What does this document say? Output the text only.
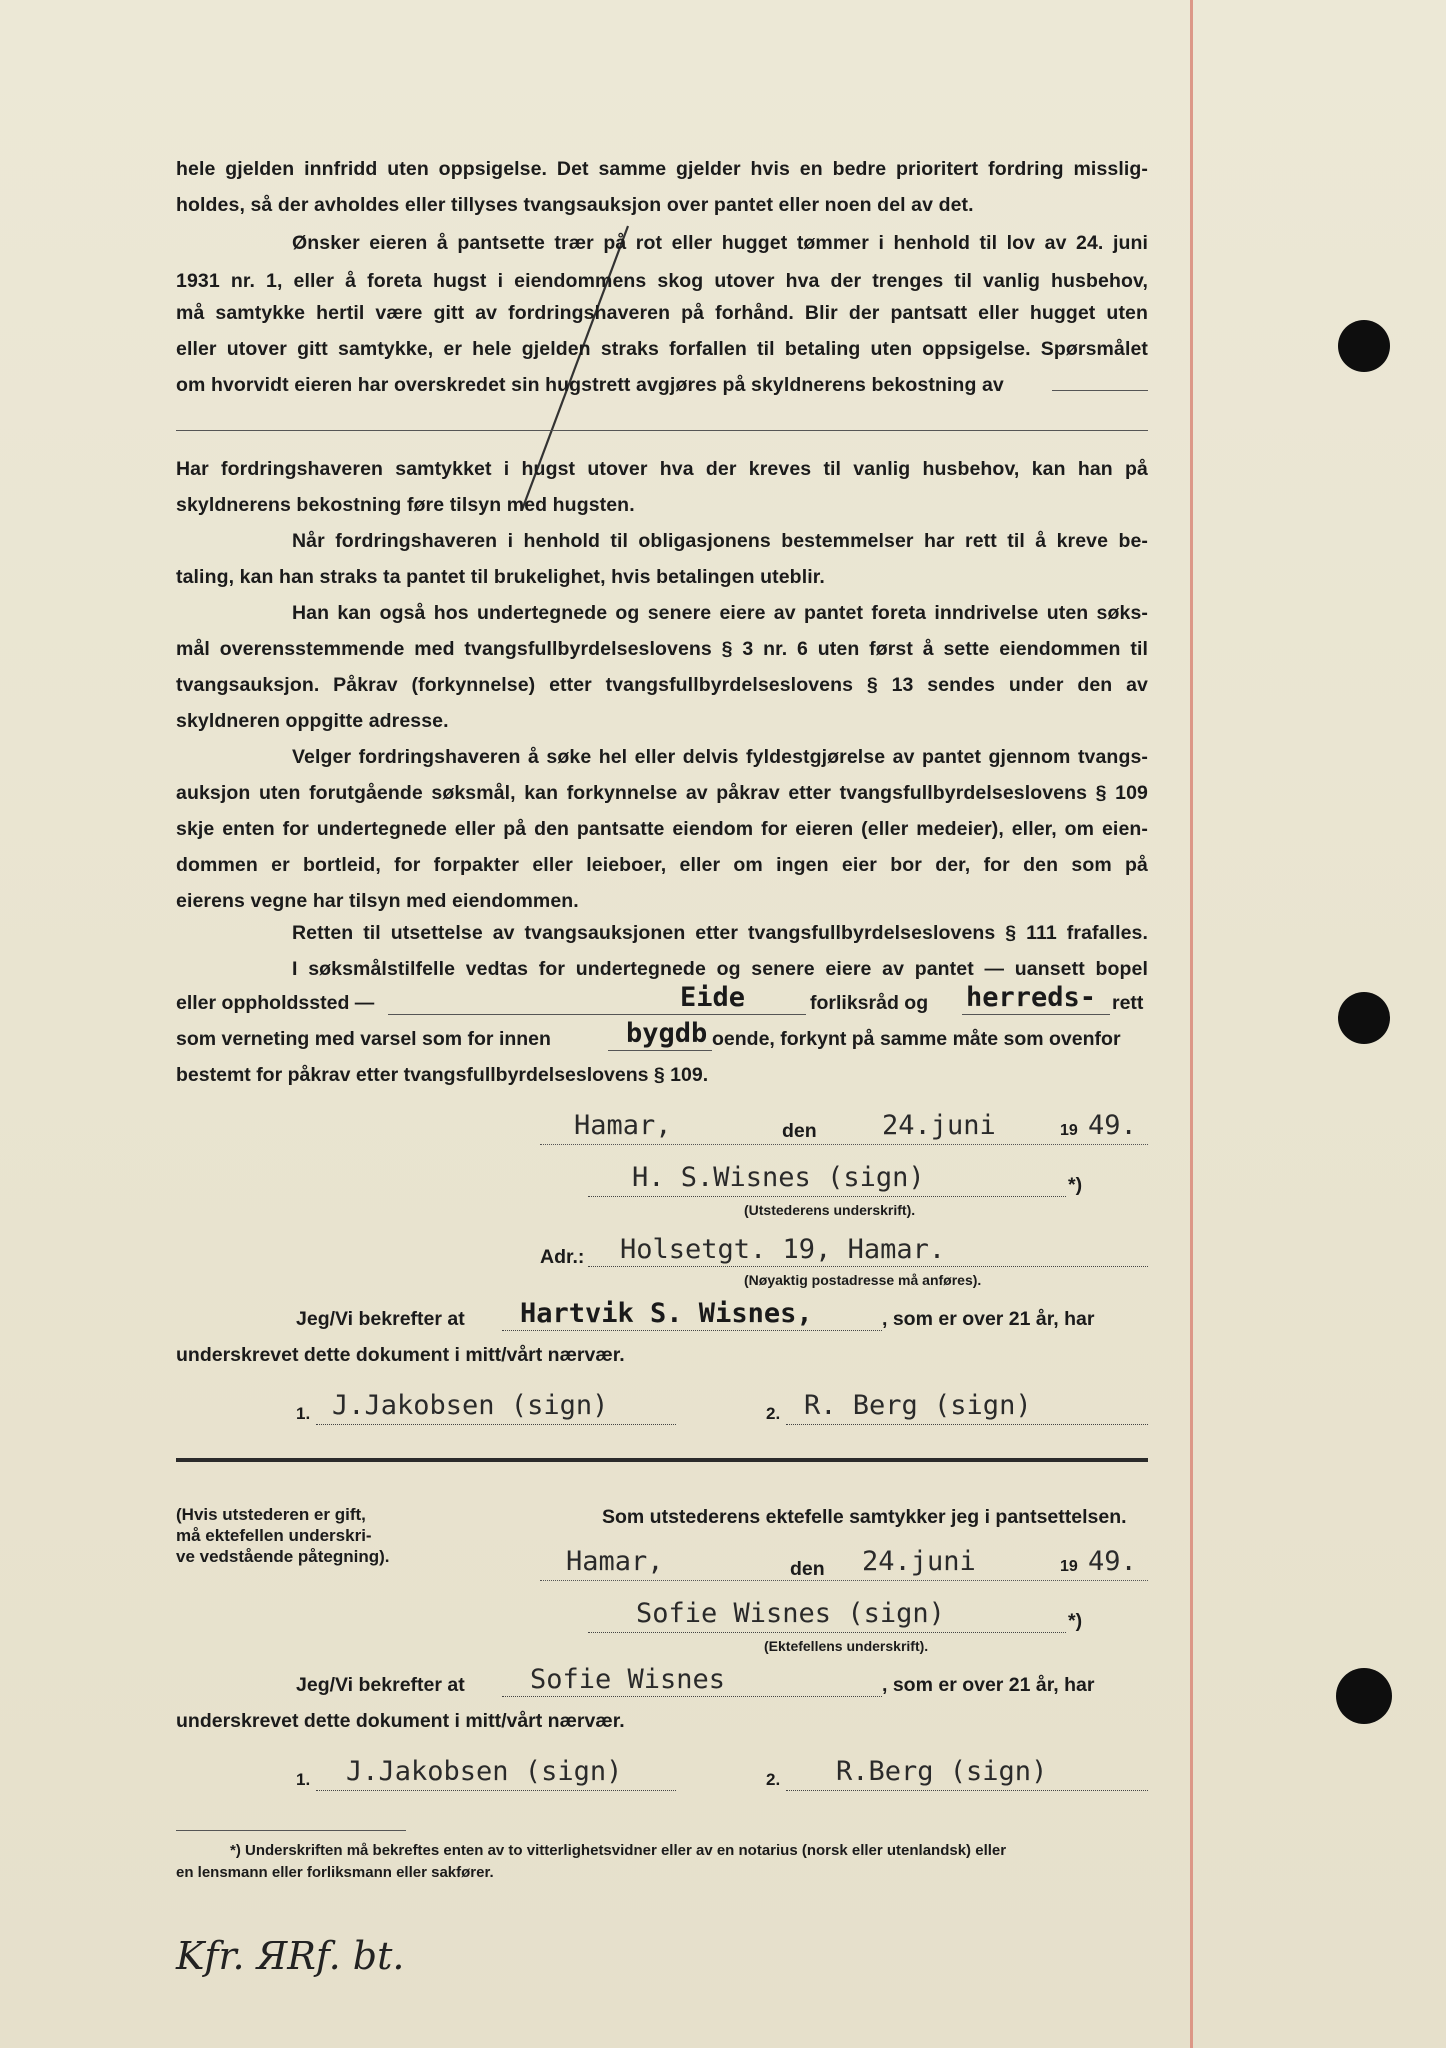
hele gjelden innfridd uten oppsigelse. Det samme gjelder hvis en bedre prioritert fordring misslig-
holdes, så der avholdes eller tillyses tvangsauksjon over pantet eller noen del av det.
Ønsker eieren å pantsette trær på rot eller hugget tømmer i henhold til lov av 24. juni
1931 nr. 1, eller å foreta hugst i eiendommens skog utover hva der trenges til vanlig husbehov,
må samtykke hertil være gitt av fordringshaveren på forhånd. Blir der pantsatt eller hugget uten
eller utover gitt samtykke, er hele gjelden straks forfallen til betaling uten oppsigelse. Spørsmålet
om hvorvidt eieren har overskredet sin hugstrett avgjøres på skyldnerens bekostning av
Har fordringshaveren samtykket i hugst utover hva der kreves til vanlig husbehov, kan han på
skyldnerens bekostning føre tilsyn med hugsten.
Når fordringshaveren i henhold til obligasjonens bestemmelser har rett til å kreve be-
taling, kan han straks ta pantet til brukelighet, hvis betalingen uteblir.
Han kan også hos undertegnede og senere eiere av pantet foreta inndrivelse uten søks-
mål overensstemmende med tvangsfullbyrdelseslovens § 3 nr. 6 uten først å sette eiendommen til
tvangsauksjon. Påkrav (forkynnelse) etter tvangsfullbyrdelseslovens § 13 sendes under den av
skyldneren oppgitte adresse.
Velger fordringshaveren å søke hel eller delvis fyldestgjørelse av pantet gjennom tvangs-
auksjon uten forutgående søksmål, kan forkynnelse av påkrav etter tvangsfullbyrdelseslovens § 109
skje enten for undertegnede eller på den pantsatte eiendom for eieren (eller medeier), eller, om eien-
dommen er bortleid, for forpakter eller leieboer, eller om ingen eier bor der, for den som på
eierens vegne har tilsyn med eiendommen.
Retten til utsettelse av tvangsauksjonen etter tvangsfullbyrdelseslovens § 111 frafalles.
I søksmålstilfelle vedtas for undertegnede og senere eiere av pantet — uansett bopel
eller oppholdssted —	Eide	forliksråd og herreds- rett
som verneting med varsel som for innen	bygdb oende, forkynt på samme måte som ovenfor
bestemt for påkrav etter tvangsfullbyrdelseslovens § 109.
Hamar,	den 24.juni	19 49.
H. S.Wisnes (sign)	*)
(Utstederens underskrift).
Adr.: Holsetgt. 19, Hamar.
(Nøyaktig postadresse må anføres).
Jeg/Vi bekrefter at Hartvik S. Wisnes,	, som er over 21 år, har
underskrevet dette dokument i mitt/vårt nærvær.
1. J.Jakobsen (sign)	2. R. Berg (sign)
(Hvis utstederen er gift,
må ektefellen underskri-
ve vedstående påtegning).
Som utstederens ektefelle samtykker jeg i pantsettelsen.
Hamar,	den 24.juni	19 49.
Sofie Wisnes (sign)	*)
(Ektefellens underskrift).
Jeg/Vi bekrefter at Sofie Wisnes	, som er over 21 år, har
underskrevet dette dokument i mitt/vårt nærvær.
1. J.Jakobsen (sign)	2. R.Berg (sign)
*) Underskriften må bekreftes enten av to vitterlighetsvidner eller av en notarius (norsk eller utenlandsk) eller
en lensmann eller forliksmann eller sakfører.
Kfr. ЯRf. bt.
